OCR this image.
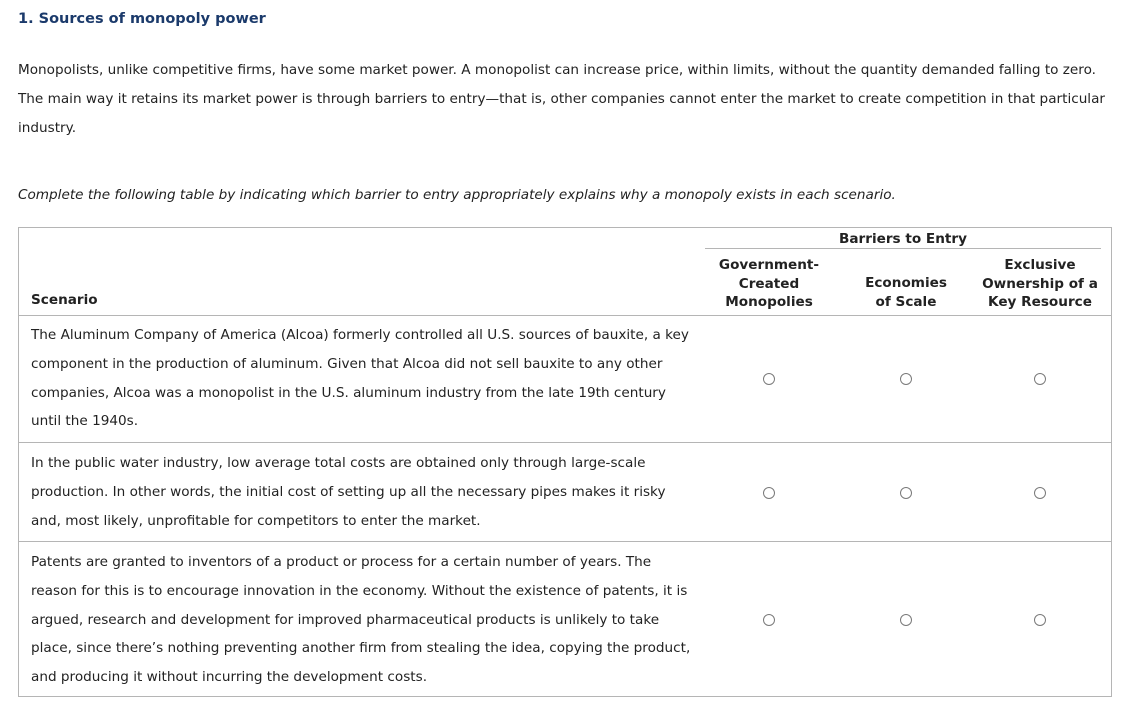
1. Sources of monopoly power
Monopolists, unlike competitive firms, have some market power. A monopolist can increase price, within limits, without the quantity demanded falling to zero. The main way it retains its market power is through barriers to entry—that is, other companies cannot enter the market to create competition in that particular industry.
Complete the following table by indicating which barrier to entry appropriately explains why a monopoly exists in each scenario.
Barriers to Entry
Scenario
Government-
Created
Monopolies
Economies
of Scale
Exclusive
Ownership of a
Key Resource
The Aluminum Company of America (Alcoa) formerly controlled all U.S. sources of bauxite, a key component in the production of aluminum. Given that Alcoa did not sell bauxite to any other companies, Alcoa was a monopolist in the U.S. aluminum industry from the late 19th century until the 1940s.
In the public water industry, low average total costs are obtained only through large-scale production. In other words, the initial cost of setting up all the necessary pipes makes it risky and, most likely, unprofitable for competitors to enter the market.
Patents are granted to inventors of a product or process for a certain number of years. The reason for this is to encourage innovation in the economy. Without the existence of patents, it is argued, research and development for improved pharmaceutical products is unlikely to take place, since there’s nothing preventing another firm from stealing the idea, copying the product, and producing it without incurring the development costs.
